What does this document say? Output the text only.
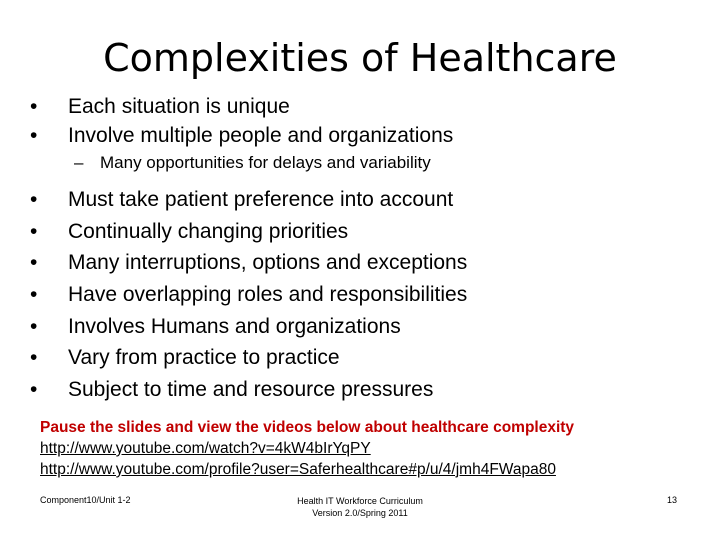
Complexities of Healthcare
•	Each situation is unique
•	Involve multiple people and organizations
– Many opportunities for delays and variability
•	Must take patient preference into account
•	Continually changing priorities
•	Many interruptions, options and exceptions
•	Have overlapping roles and responsibilities
•	Involves Humans and organizations
•	Vary from practice to practice
•	Subject to time and resource pressures
Pause the slides and view the videos below about healthcare complexity
http://www.youtube.com/watch?v=4kW4bIrYqPY
http://www.youtube.com/profile?user=Saferhealthcare#p/u/4/jmh4FWapa80
Component10/Unit 1-2	Health IT Workforce Curriculum
Version 2.0/Spring 2011
13
